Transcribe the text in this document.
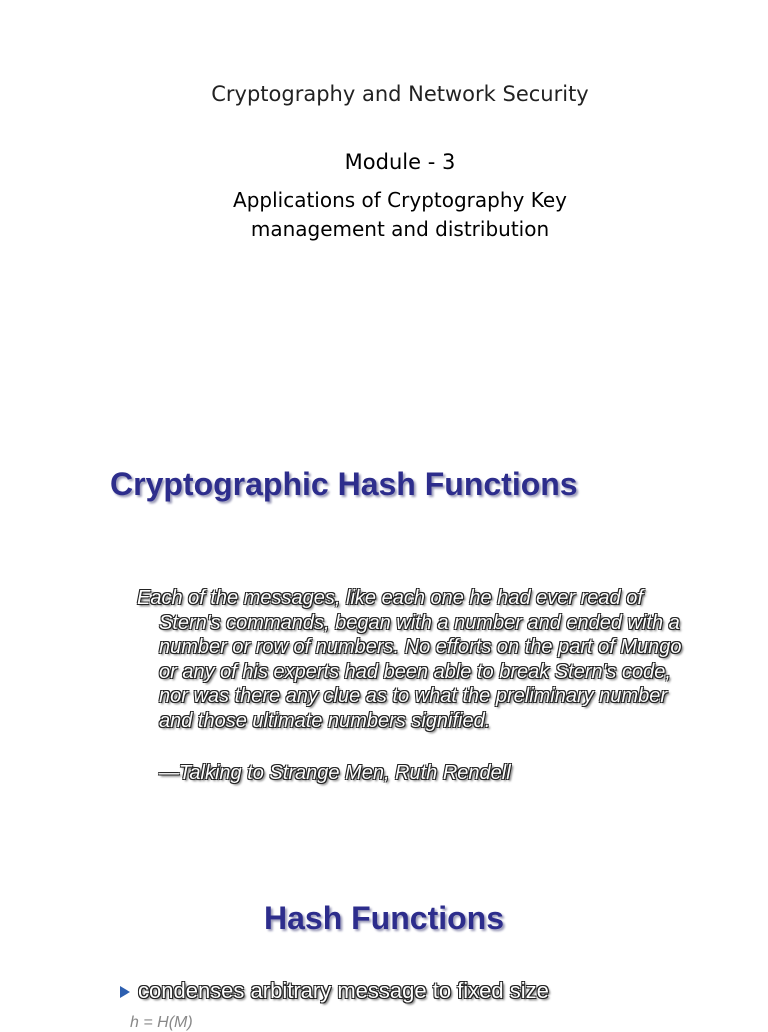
Cryptography and Network Security
Module - 3
Applications of Cryptography Key management and distribution
Cryptographic Hash Functions
Each of the messages, like each one he had ever read of Stern's commands, began with a number and ended with a number or row of numbers. No efforts on the part of Mungo or any of his experts had been able to break Stern's code, nor was there any clue as to what the preliminary number and those ultimate numbers signified.
—Talking to Strange Men, Ruth Rendell
Hash Functions
condenses arbitrary message to fixed size
h = H(M)
